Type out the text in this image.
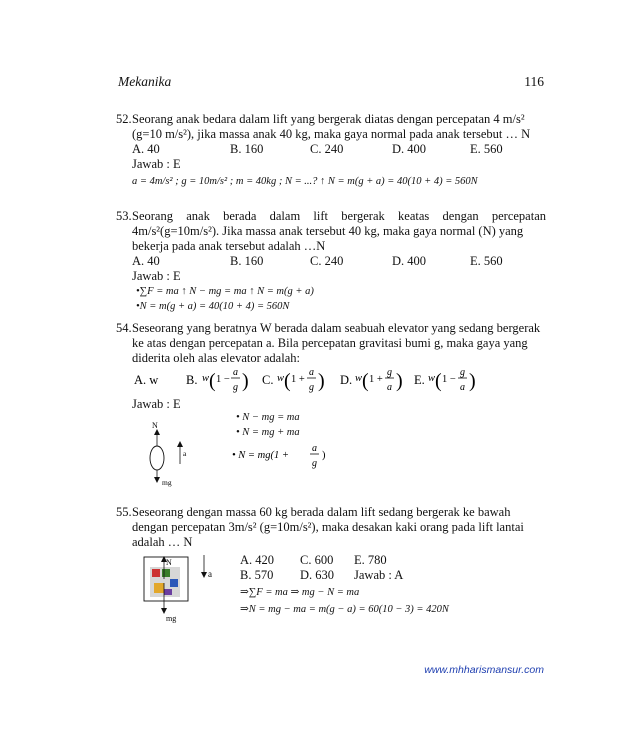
Mekanika	116
52. Seorang anak bedara dalam lift yang bergerak diatas dengan percepatan 4 m/s²
(g=10 m/s²), jika massa anak 40 kg, maka gaya normal pada anak tersebut … N
A. 40	B. 160	C. 240	D. 400	E. 560
Jawab : E
a = 4m/s² ; g = 10m/s² ; m = 40kg ; N = ...? ↑ N = m(g + a) = 40(10 + 4) = 560N
53. Seorang anak berada dalam lift bergerak keatas dengan percepatan
4m/s²(g=10m/s²). Jika massa anak tersebut 40 kg, maka gaya normal (N) yang
bekerja pada anak tersebut adalah …N
A. 40	B. 160	C. 240	D. 400	E. 560
Jawab : E
•∑F = ma ↑ N − mg = ma ↑ N = m(g + a)
•N = m(g + a) = 40(10 + 4) = 560N
54. Seseorang yang beratnya W berada dalam seabuah elevator yang sedang bergerak
ke atas dengan percepatan a. Bila percepatan gravitasi bumi g, maka gaya yang
diderita oleh alas elevator adalah:
A. w B. w ( 1 −
a
g ) C. w ( 1 +
a
g ) D. w ( 1 +
g
a ) E. w ( 1 −
g
a )
Jawab : E
• N − mg = ma
• N = mg + ma
• N = mg(1 +
a
g
)
N
mg
a
55. Seseorang dengan massa 60 kg berada dalam lift sedang bergerak ke bawah
dengan percepatan 3m/s² (g=10m/s²), maka desakan kaki orang pada lift lantai
adalah … N
N
mg
a
A. 420	C. 600	E. 780
B. 570	D. 630	Jawab : A
⇒∑F = ma ⇒ mg − N = ma
⇒N = mg − ma = m(g − a) = 60(10 − 3) = 420N
www.mhharismansur.com
